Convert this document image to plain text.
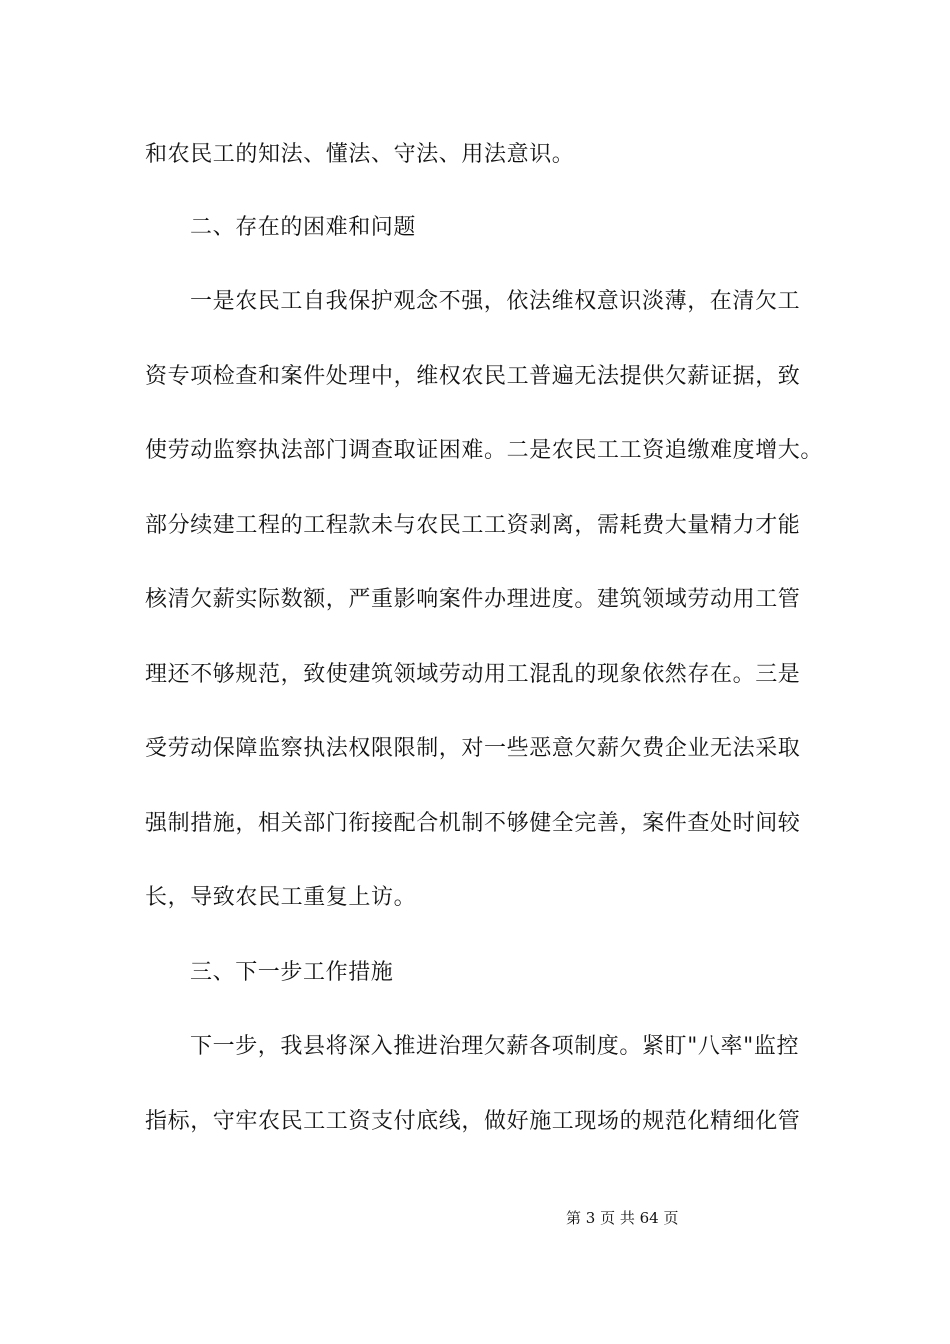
和农民工的知法、懂法、守法、用法意识。
二、存在的困难和问题
一是农民工自我保护观念不强，依法维权意识淡薄，在清欠工
资专项检查和案件处理中，维权农民工普遍无法提供欠薪证据，致
使劳动监察执法部门调查取证困难。二是农民工工资追缴难度增大。
部分续建工程的工程款未与农民工工资剥离，需耗费大量精力才能
核清欠薪实际数额，严重影响案件办理进度。建筑领域劳动用工管
理还不够规范，致使建筑领域劳动用工混乱的现象依然存在。三是
受劳动保障监察执法权限限制，对一些恶意欠薪欠费企业无法采取
强制措施，相关部门衔接配合机制不够健全完善，案件查处时间较
长，导致农民工重复上访。
三、下一步工作措施
下一步，我县将深入推进治理欠薪各项制度。紧盯"八率"监控
指标，守牢农民工工资支付底线，做好施工现场的规范化精细化管
第 3 页 共 64 页
